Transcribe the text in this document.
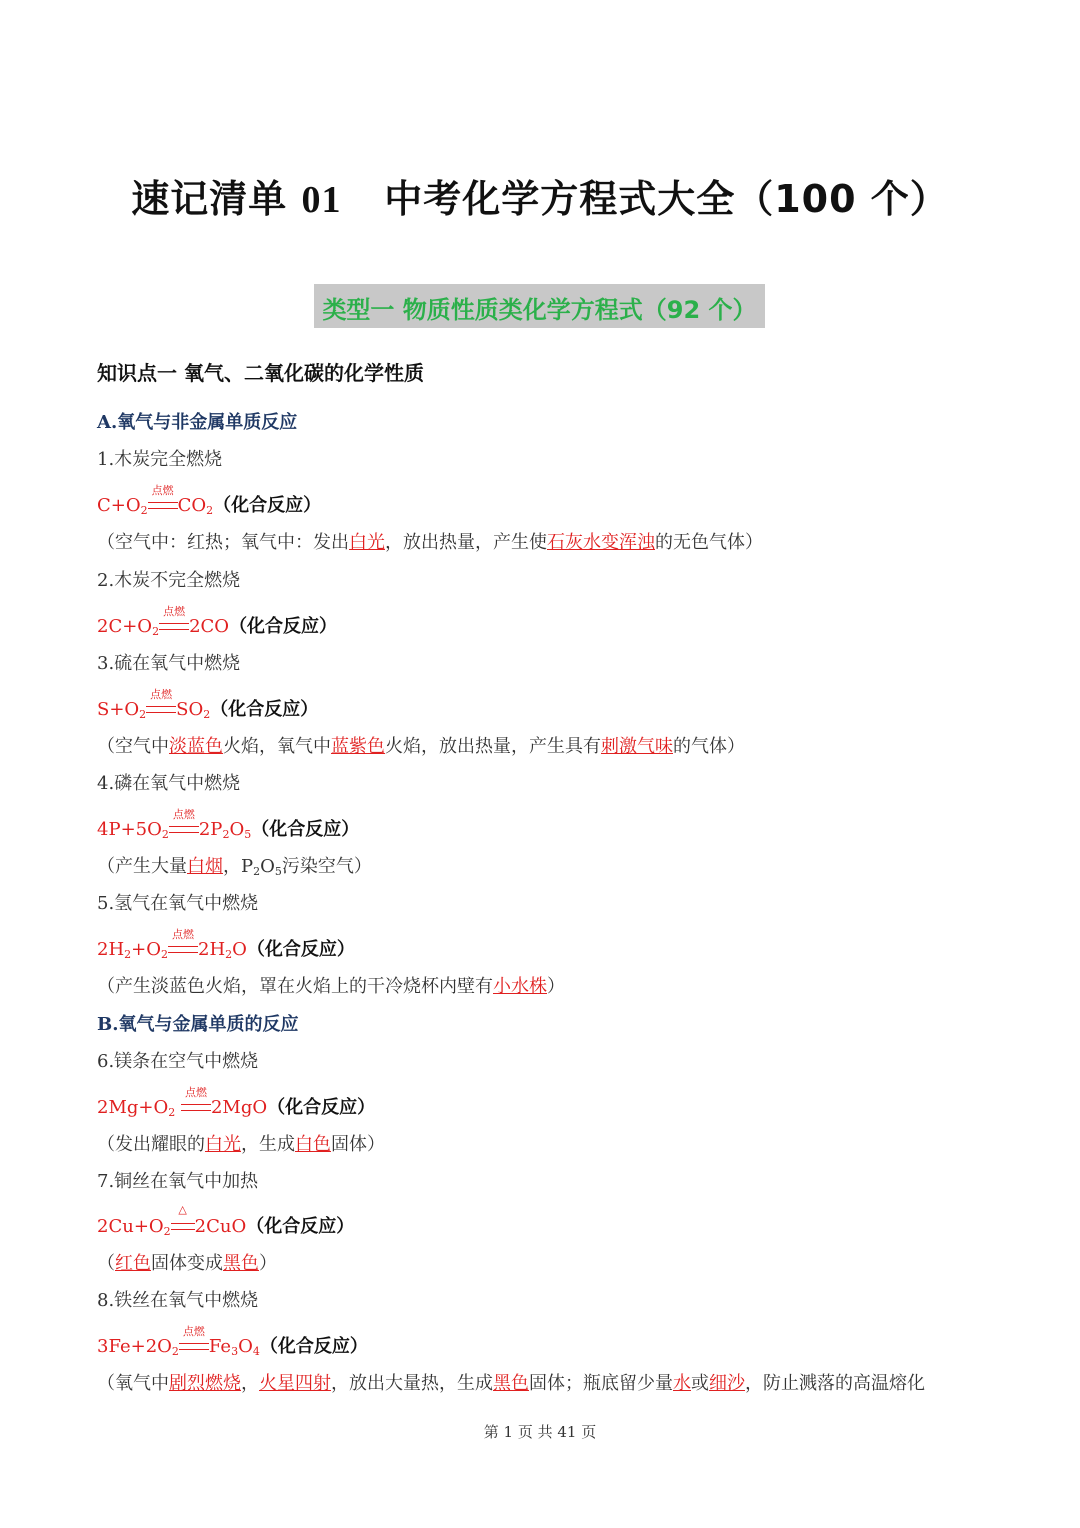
速记清单 01 中考化学方程式大全（100 个）
类型一 物质性质类化学方程式（92 个）
知识点一 氧气、二氧化碳的化学性质
A.氧气与非金属单质反应
1.木炭完全燃烧
$C+O_2$
点燃
$CO_2$（化合反应）
（空气中：红热；氧气中：发出白光，放出热量，产生使石灰水变浑浊的无色气体）
2.木炭不完全燃烧
$2C+O_2$
点燃
2CO（化合反应）
3.硫在氧气中燃烧
$S+O_2$
点燃
$SO_2$（化合反应）
（空气中淡蓝色火焰，氧气中蓝紫色火焰，放出热量，产生具有刺激气味的气体）
4.磷在氧气中燃烧
$4P+5O_2$
点燃
$2P_2O_5$（化合反应）
（产生大量白烟，$P_2O_5$污染空气）
5.氢气在氧气中燃烧
$2H_2+O_2$
点燃
$2H_2O$（化合反应）
（产生淡蓝色火焰，罩在火焰上的干冷烧杯内壁有小水株）
B.氧气与金属单质的反应
6.镁条在空气中燃烧
$2Mg+O_2$
点燃
2MgO（化合反应）
（发出耀眼的白光，生成白色固体）
7.铜丝在氧气中加热
$2Cu+O_2$
△
2CuO（化合反应）
（红色固体变成黑色）
8.铁丝在氧气中燃烧
$3Fe+2O_2$
点燃
$Fe_3O_4$（化合反应）
（氧气中剧烈燃烧，火星四射，放出大量热，生成黑色固体；瓶底留少量水或细沙，防止溅落的高温熔化
第 1 页 共 41 页
